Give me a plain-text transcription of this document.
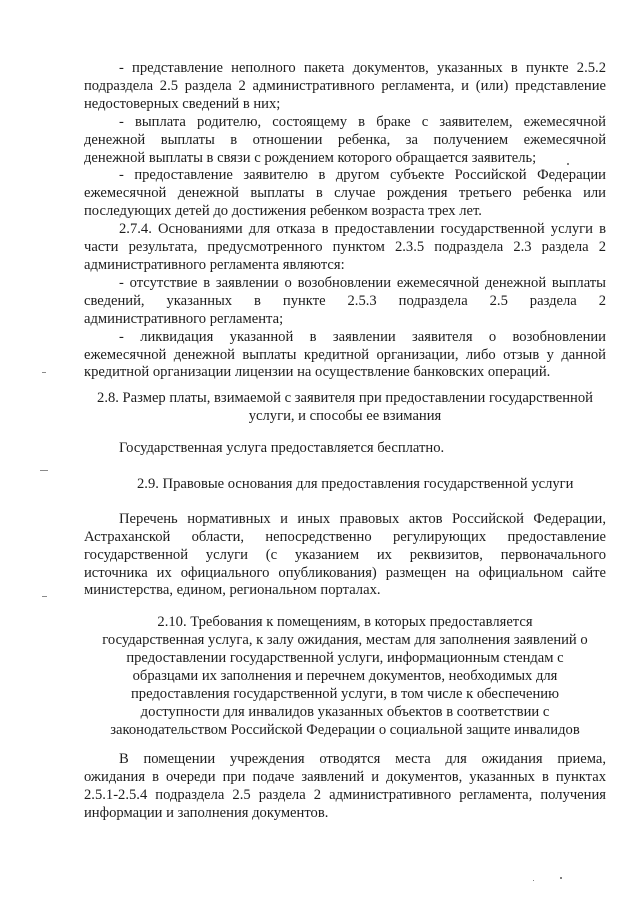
- представление неполного пакета документов, указанных в пункте 2.5.2

подраздела 2.5 раздела 2 административного регламента, и (или) представление

недостоверных сведений в них;

- выплата родителю, состоящему в браке с заявителем, ежемесячной

денежной выплаты в отношении ребенка, за получением ежемесячной

денежной выплаты в связи с рождением которого обращается заявитель;

- предоставление заявителю в другом субъекте Российской Федерации

ежемесячной денежной выплаты в случае рождения третьего ребенка или

последующих детей до достижения ребенком возраста трех лет.

2.7.4. Основаниями для отказа в предоставлении государственной услуги в

части результата, предусмотренного пунктом 2.3.5 подраздела 2.3 раздела 2

административного регламента являются:

- отсутствие в заявлении о возобновлении ежемесячной денежной выплаты

сведений, указанных в пункте 2.5.3 подраздела 2.5 раздела 2

административного регламента;

- ликвидация указанной в заявлении заявителя о возобновлении

ежемесячной денежной выплаты кредитной организации, либо отзыв у данной

кредитной организации лицензии на осуществление банковских операций.

2.8. Размер платы, взимаемой с заявителя при предоставлении государственной

услуги, и способы ее взимания

Государственная услуга предоставляется бесплатно.

2.9. Правовые основания для предоставления государственной услуги

Перечень нормативных и иных правовых актов Российской Федерации,

Астраханской области, непосредственно регулирующих предоставление

государственной услуги (с указанием их реквизитов, первоначального

источника их официального опубликования) размещен на официальном сайте

министерства, едином, региональном порталах.

2.10. Требования к помещениям, в которых предоставляется

государственная услуга, к залу ожидания, местам для заполнения заявлений о

предоставлении государственной услуги, информационным стендам с

образцами их заполнения и перечнем документов, необходимых для

предоставления государственной услуги, в том числе к обеспечению

доступности для инвалидов указанных объектов в соответствии с

законодательством Российской Федерации о социальной защите инвалидов

В помещении учреждения отводятся места для ожидания приема,

ожидания в очереди при подаче заявлений и документов, указанных в пунктах

2.5.1-2.5.4 подраздела 2.5 раздела 2 административного регламента, получения

информации и заполнения документов.
